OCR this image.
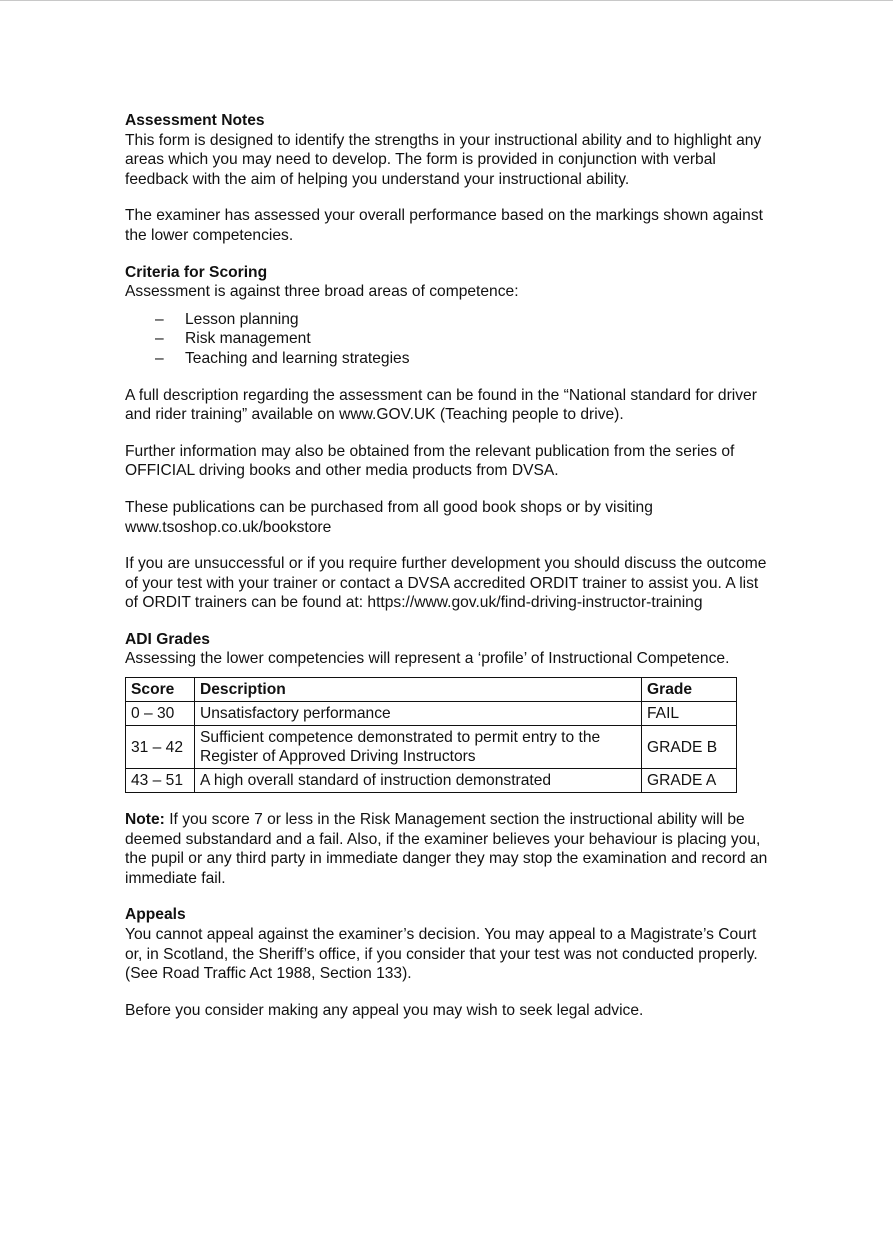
Assessment Notes

This form is designed to identify the strengths in your instructional ability and to highlight any areas which you may need to develop. The form is provided in conjunction with verbal feedback with the aim of helping you understand your instructional ability.

The examiner has assessed your overall performance based on the markings shown against the lower competencies.

Criteria for Scoring

Assessment is against three broad areas of competence:

–	Lesson planning
–	Risk management
–	Teaching and learning strategies

A full description regarding the assessment can be found in the “National standard for driver and rider training” available on www.GOV.UK (Teaching people to drive).

Further information may also be obtained from the relevant publication from the series of OFFICIAL driving books and other media products from DVSA.

These publications can be purchased from all good book shops or by visiting www.tsoshop.co.uk/bookstore

If you are unsuccessful or if you require further development you should discuss the outcome of your test with your trainer or contact a DVSA accredited ORDIT trainer to assist you. A list of ORDIT trainers can be found at: https://www.gov.uk/find-driving-instructor-training

ADI Grades

Assessing the lower competencies will represent a ‘profile’ of Instructional Competence.

Score	Description	Grade
0 – 30	Unsatisfactory performance	FAIL
31 – 42	Sufficient competence demonstrated to permit entry to the Register of Approved Driving Instructors	GRADE B
43 – 51	A high overall standard of instruction demonstrated	GRADE A

Note: If you score 7 or less in the Risk Management section the instructional ability will be deemed substandard and a fail. Also, if the examiner believes your behaviour is placing you, the pupil or any third party in immediate danger they may stop the examination and record an immediate fail.

Appeals

You cannot appeal against the examiner’s decision. You may appeal to a Magistrate’s Court or, in Scotland, the Sheriff’s office, if you consider that your test was not conducted properly. (See Road Traffic Act 1988, Section 133).

Before you consider making any appeal you may wish to seek legal advice.
